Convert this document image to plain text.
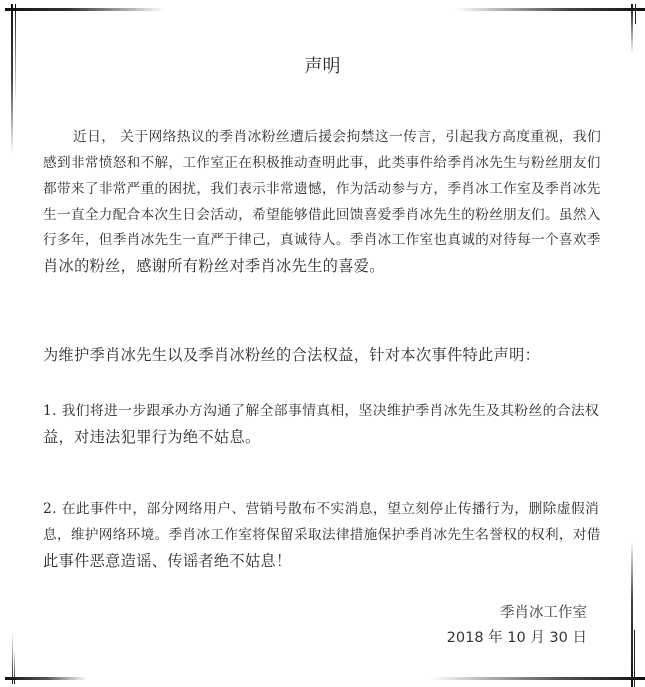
声明
近日， 关于网络热议的季肖冰粉丝遭后援会拘禁这一传言，引起我方高度重视，我们
感到非常愤怒和不解，工作室正在积极推动查明此事，此类事件给季肖冰先生与粉丝朋友们
都带来了非常严重的困扰，我们表示非常遗憾，作为活动参与方，季肖冰工作室及季肖冰先
生一直全力配合本次生日会活动，希望能够借此回馈喜爱季肖冰先生的粉丝朋友们。虽然入
行多年，但季肖冰先生一直严于律己，真诚待人。季肖冰工作室也真诚的对待每一个喜欢季
肖冰的粉丝，感谢所有粉丝对季肖冰先生的喜爱。
为维护季肖冰先生以及季肖冰粉丝的合法权益，针对本次事件特此声明：
1. 我们将进一步跟承办方沟通了解全部事情真相，坚决维护季肖冰先生及其粉丝的合法权
益，对违法犯罪行为绝不姑息。
2. 在此事件中，部分网络用户、营销号散布不实消息，望立刻停止传播行为，删除虚假消
息，维护网络环境。季肖冰工作室将保留采取法律措施保护季肖冰先生名誉权的权利，对借
此事件恶意造谣、传谣者绝不姑息！
季肖冰工作室
2018 年 10 月 30 日
